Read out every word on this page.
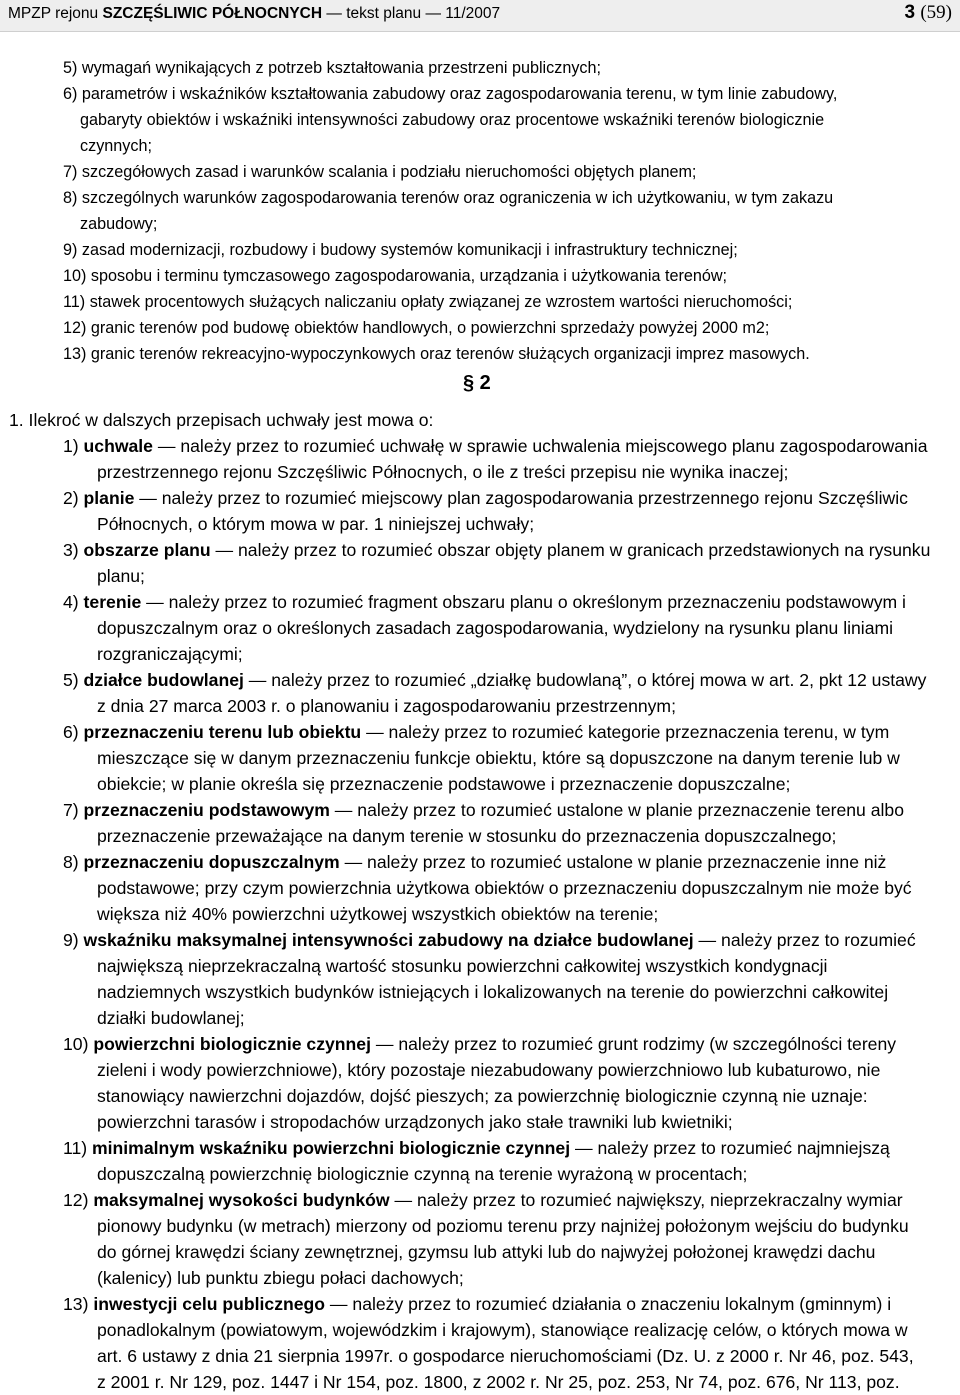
MPZP rejonu SZCZĘŚLIWIC PÓŁNOCNYCH — tekst planu — 11/2007	3 (59)
5) wymagań wynikających z potrzeb kształtowania przestrzeni publicznych;
6) parametrów i wskaźników kształtowania zabudowy oraz zagospodarowania terenu, w tym linie zabudowy,
gabaryty obiektów i wskaźniki intensywności zabudowy oraz procentowe wskaźniki terenów biologicznie
czynnych;
7) szczegółowych zasad i warunków scalania i podziału nieruchomości objętych planem;
8) szczególnych warunków zagospodarowania terenów oraz ograniczenia w ich użytkowaniu, w tym zakazu
zabudowy;
9) zasad modernizacji, rozbudowy i budowy systemów komunikacji i infrastruktury technicznej;
10) sposobu i terminu tymczasowego zagospodarowania, urządzania i użytkowania terenów;
11) stawek procentowych służących naliczaniu opłaty związanej ze wzrostem wartości nieruchomości;
12) granic terenów pod budowę obiektów handlowych, o powierzchni sprzedaży powyżej 2000 m2;
13) granic terenów rekreacyjno-wypoczynkowych oraz terenów służących organizacji imprez masowych.
§ 2
1. Ilekroć w dalszych przepisach uchwały jest mowa o:
1) uchwale — należy przez to rozumieć uchwałę w sprawie uchwalenia miejscowego planu zagospodarowania
przestrzennego rejonu Szczęśliwic Północnych, o ile z treści przepisu nie wynika inaczej;
2) planie — należy przez to rozumieć miejscowy plan zagospodarowania przestrzennego rejonu Szczęśliwic
Północnych, o którym mowa w par. 1 niniejszej uchwały;
3) obszarze planu — należy przez to rozumieć obszar objęty planem w granicach przedstawionych na rysunku
planu;
4) terenie — należy przez to rozumieć fragment obszaru planu o określonym przeznaczeniu podstawowym i
dopuszczalnym oraz o określonych zasadach zagospodarowania, wydzielony na rysunku planu liniami
rozgraniczającymi;
5) działce budowlanej — należy przez to rozumieć „działkę budowlaną”, o której mowa w art. 2, pkt 12 ustawy
z dnia 27 marca 2003 r. o planowaniu i zagospodarowaniu przestrzennym;
6) przeznaczeniu terenu lub obiektu — należy przez to rozumieć kategorie przeznaczenia terenu, w tym
mieszczące się w danym przeznaczeniu funkcje obiektu, które są dopuszczone na danym terenie lub w
obiekcie; w planie określa się przeznaczenie podstawowe i przeznaczenie dopuszczalne;
7) przeznaczeniu podstawowym — należy przez to rozumieć ustalone w planie przeznaczenie terenu albo
przeznaczenie przeważające na danym terenie w stosunku do przeznaczenia dopuszczalnego;
8) przeznaczeniu dopuszczalnym — należy przez to rozumieć ustalone w planie przeznaczenie inne niż
podstawowe; przy czym powierzchnia użytkowa obiektów o przeznaczeniu dopuszczalnym nie może być
większa niż 40% powierzchni użytkowej wszystkich obiektów na terenie;
9) wskaźniku maksymalnej intensywności zabudowy na działce budowlanej — należy przez to rozumieć
największą nieprzekraczalną wartość stosunku powierzchni całkowitej wszystkich kondygnacji
nadziemnych wszystkich budynków istniejących i lokalizowanych na terenie do powierzchni całkowitej
działki budowlanej;
10) powierzchni biologicznie czynnej — należy przez to rozumieć grunt rodzimy (w szczególności tereny
zieleni i wody powierzchniowe), który pozostaje niezabudowany powierzchniowo lub kubaturowo, nie
stanowiący nawierzchni dojazdów, dojść pieszych; za powierzchnię biologicznie czynną nie uznaje:
powierzchni tarasów i stropodachów urządzonych jako stałe trawniki lub kwietniki;
11) minimalnym wskaźniku powierzchni biologicznie czynnej — należy przez to rozumieć najmniejszą
dopuszczalną powierzchnię biologicznie czynną na terenie wyrażoną w procentach;
12) maksymalnej wysokości budynków — należy przez to rozumieć największy, nieprzekraczalny wymiar
pionowy budynku (w metrach) mierzony od poziomu terenu przy najniżej położonym wejściu do budynku
do górnej krawędzi ściany zewnętrznej, gzymsu lub attyki lub do najwyżej położonej krawędzi dachu
(kalenicy) lub punktu zbiegu połaci dachowych;
13) inwestycji celu publicznego — należy przez to rozumieć działania o znaczeniu lokalnym (gminnym) i
ponadlokalnym (powiatowym, wojewódzkim i krajowym), stanowiące realizację celów, o których mowa w
art. 6 ustawy z dnia 21 sierpnia 1997r. o gospodarce nieruchomościami (Dz. U. z 2000 r. Nr 46, poz. 543,
z 2001 r. Nr 129, poz. 1447 i Nr 154, poz. 1800, z 2002 r. Nr 25, poz. 253, Nr 74, poz. 676, Nr 113, poz.
